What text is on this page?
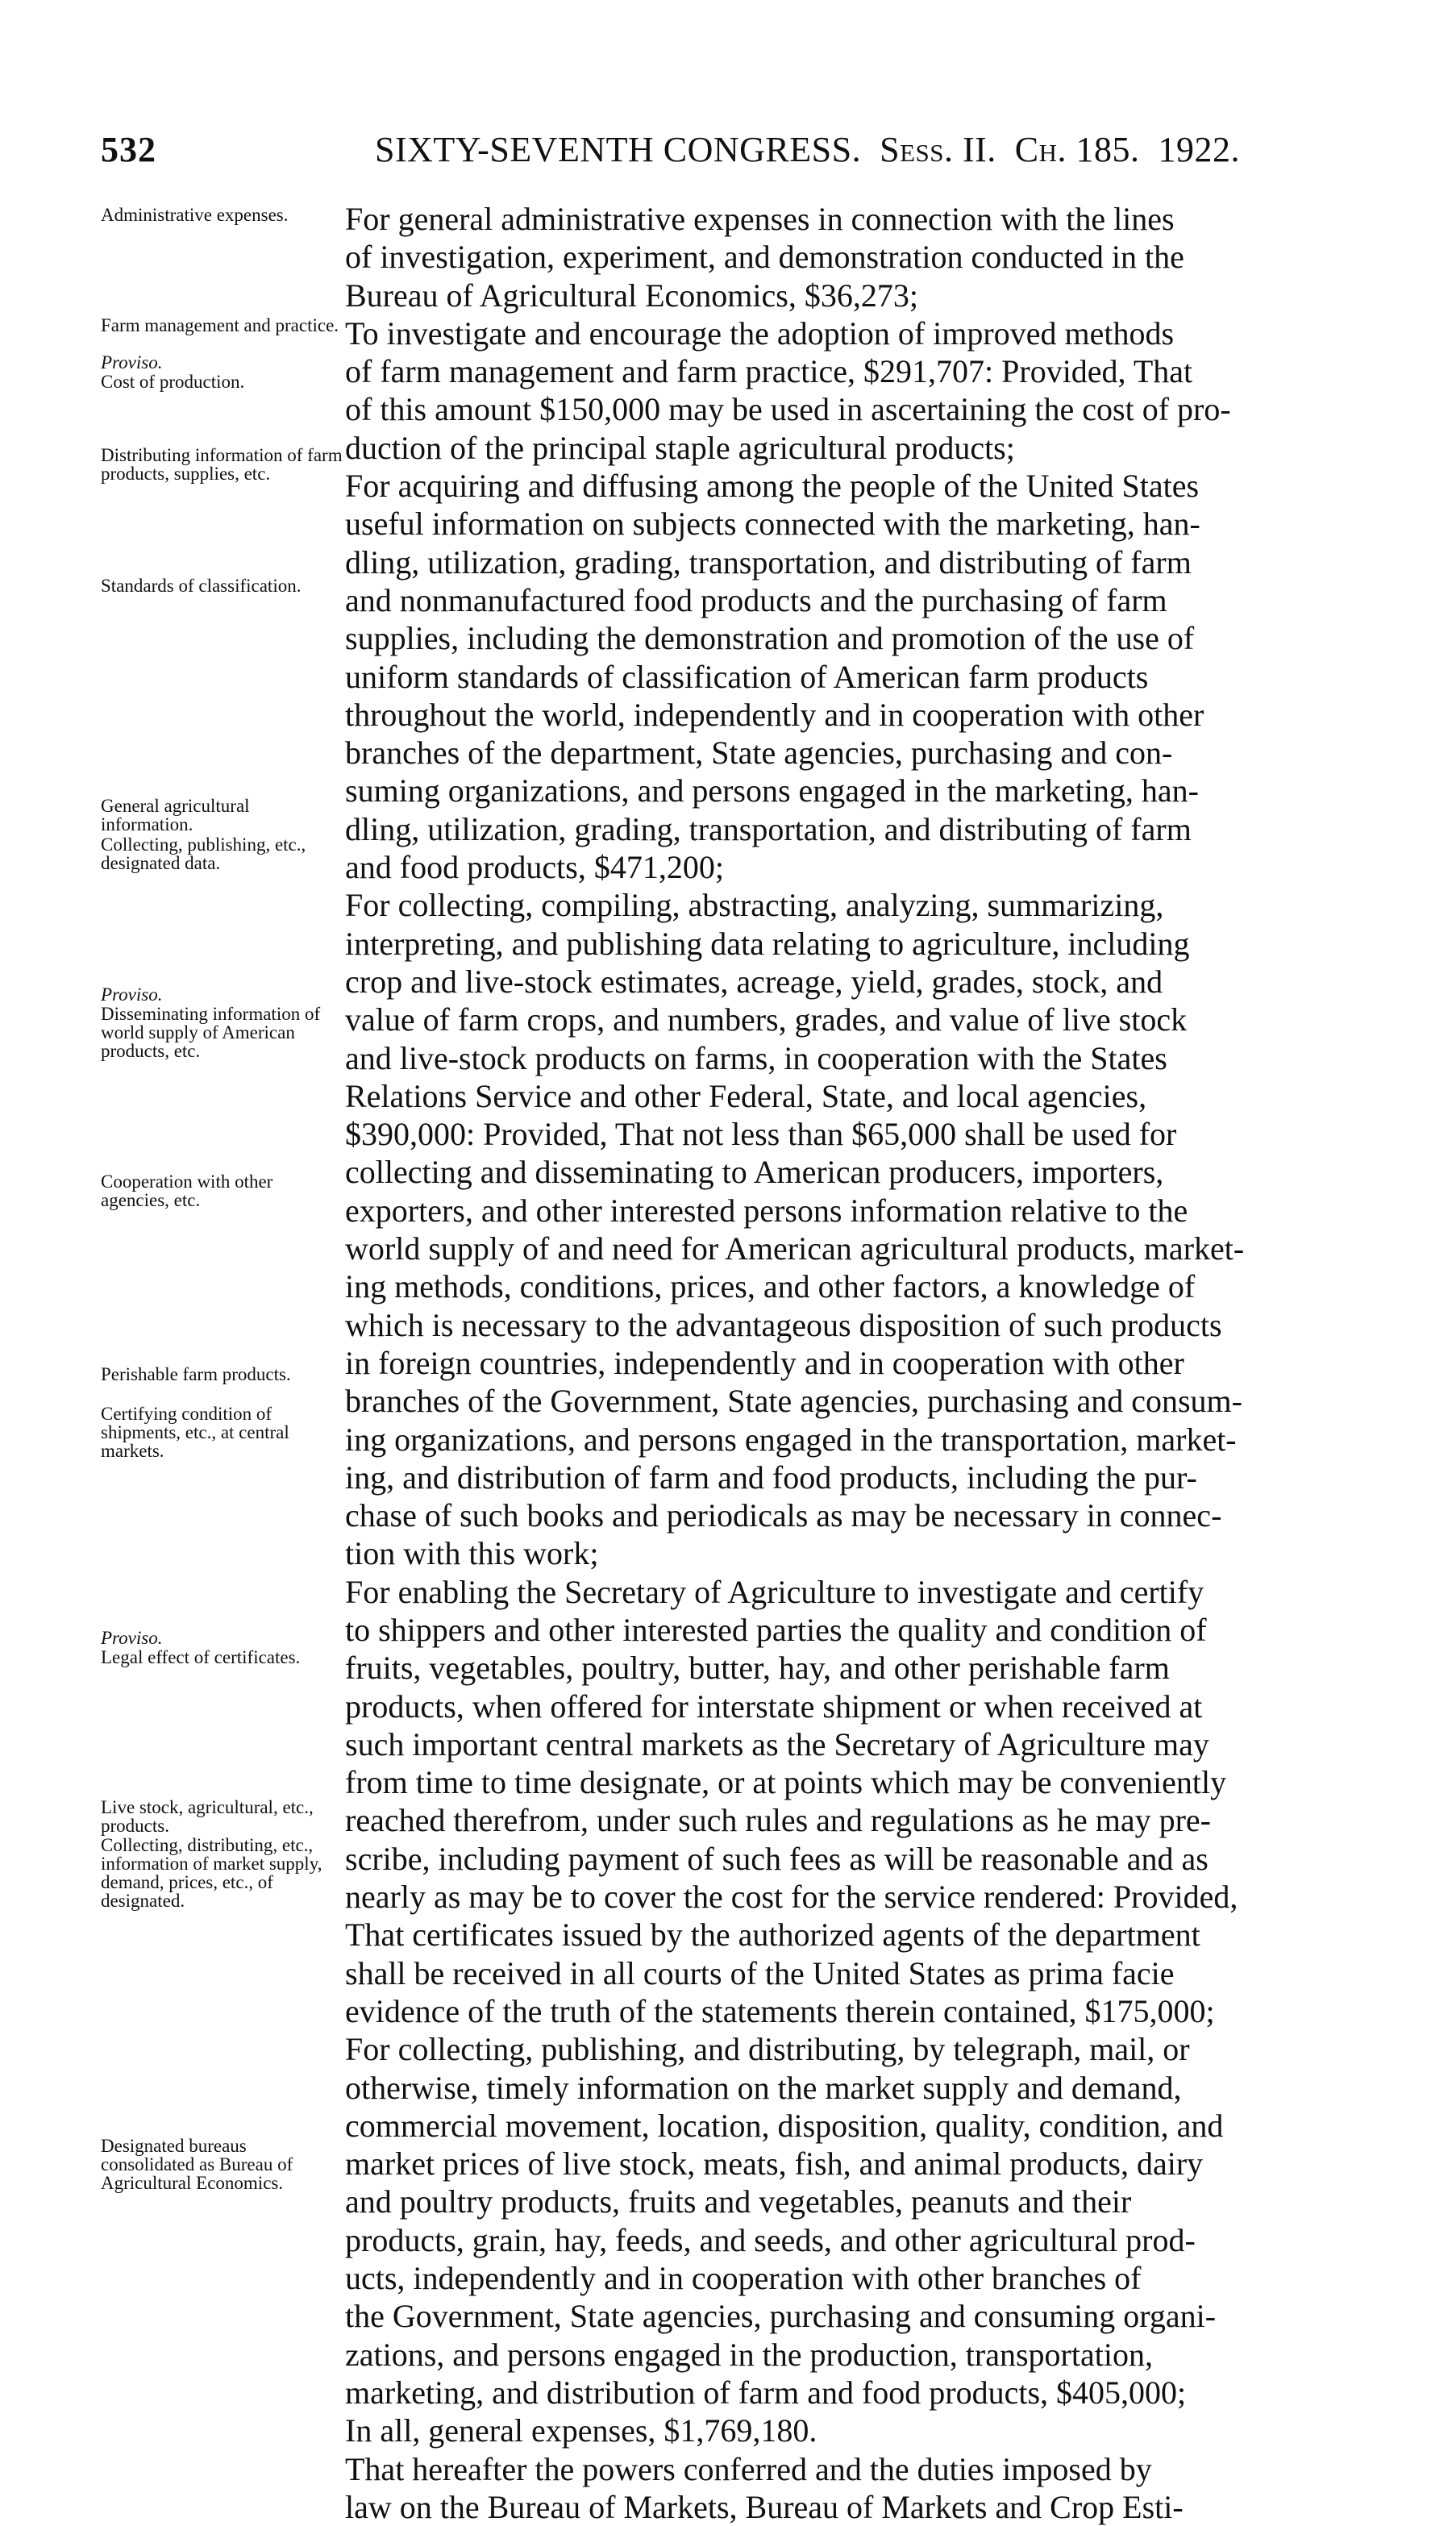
532	SIXTY-SEVENTH CONGRESS. Sess. II. Ch. 185. 1922.
Administrative expenses.
Farm management and practice.
Proviso.
Cost of production.
Distributing information of farm products, supplies, etc.
Standards of classification.
General agricultural information.
Collecting, publishing, etc., designated data.
Proviso.
Disseminating information of world supply of American products, etc.
Cooperation with other agencies, etc.
Perishable farm products.
Certifying condition of shipments, etc., at central markets.
Proviso.
Legal effect of certificates.
Live stock, agricultural, etc., products.
Collecting, distributing, etc., information of market supply, demand, prices, etc., of designated.
Designated bureaus consolidated as Bureau of Agricultural Economics.
For general administrative expenses in connection with the lines
of investigation, experiment, and demonstration conducted in the
Bureau of Agricultural Economics, $36,273;
To investigate and encourage the adoption of improved methods
of farm management and farm practice, $291,707: Provided, That
of this amount $150,000 may be used in ascertaining the cost of pro-
duction of the principal staple agricultural products;
For acquiring and diffusing among the people of the United States
useful information on subjects connected with the marketing, han-
dling, utilization, grading, transportation, and distributing of farm
and nonmanufactured food products and the purchasing of farm
supplies, including the demonstration and promotion of the use of
uniform standards of classification of American farm products
throughout the world, independently and in cooperation with other
branches of the department, State agencies, purchasing and con-
suming organizations, and persons engaged in the marketing, han-
dling, utilization, grading, transportation, and distributing of farm
and food products, $471,200;
For collecting, compiling, abstracting, analyzing, summarizing,
interpreting, and publishing data relating to agriculture, including
crop and live-stock estimates, acreage, yield, grades, stock, and
value of farm crops, and numbers, grades, and value of live stock
and live-stock products on farms, in cooperation with the States
Relations Service and other Federal, State, and local agencies,
$390,000: Provided, That not less than $65,000 shall be used for
collecting and disseminating to American producers, importers,
exporters, and other interested persons information relative to the
world supply of and need for American agricultural products, market-
ing methods, conditions, prices, and other factors, a knowledge of
which is necessary to the advantageous disposition of such products
in foreign countries, independently and in cooperation with other
branches of the Government, State agencies, purchasing and consum-
ing organizations, and persons engaged in the transportation, market-
ing, and distribution of farm and food products, including the pur-
chase of such books and periodicals as may be necessary in connec-
tion with this work;
For enabling the Secretary of Agriculture to investigate and certify
to shippers and other interested parties the quality and condition of
fruits, vegetables, poultry, butter, hay, and other perishable farm
products, when offered for interstate shipment or when received at
such important central markets as the Secretary of Agriculture may
from time to time designate, or at points which may be conveniently
reached therefrom, under such rules and regulations as he may pre-
scribe, including payment of such fees as will be reasonable and as
nearly as may be to cover the cost for the service rendered: Provided,
That certificates issued by the authorized agents of the department
shall be received in all courts of the United States as prima facie
evidence of the truth of the statements therein contained, $175,000;
For collecting, publishing, and distributing, by telegraph, mail, or
otherwise, timely information on the market supply and demand,
commercial movement, location, disposition, quality, condition, and
market prices of live stock, meats, fish, and animal products, dairy
and poultry products, fruits and vegetables, peanuts and their
products, grain, hay, feeds, and seeds, and other agricultural prod-
ucts, independently and in cooperation with other branches of
the Government, State agencies, purchasing and consuming organi-
zations, and persons engaged in the production, transportation,
marketing, and distribution of farm and food products, $405,000;
In all, general expenses, $1,769,180.
That hereafter the powers conferred and the duties imposed by
law on the Bureau of Markets, Bureau of Markets and Crop Esti-
